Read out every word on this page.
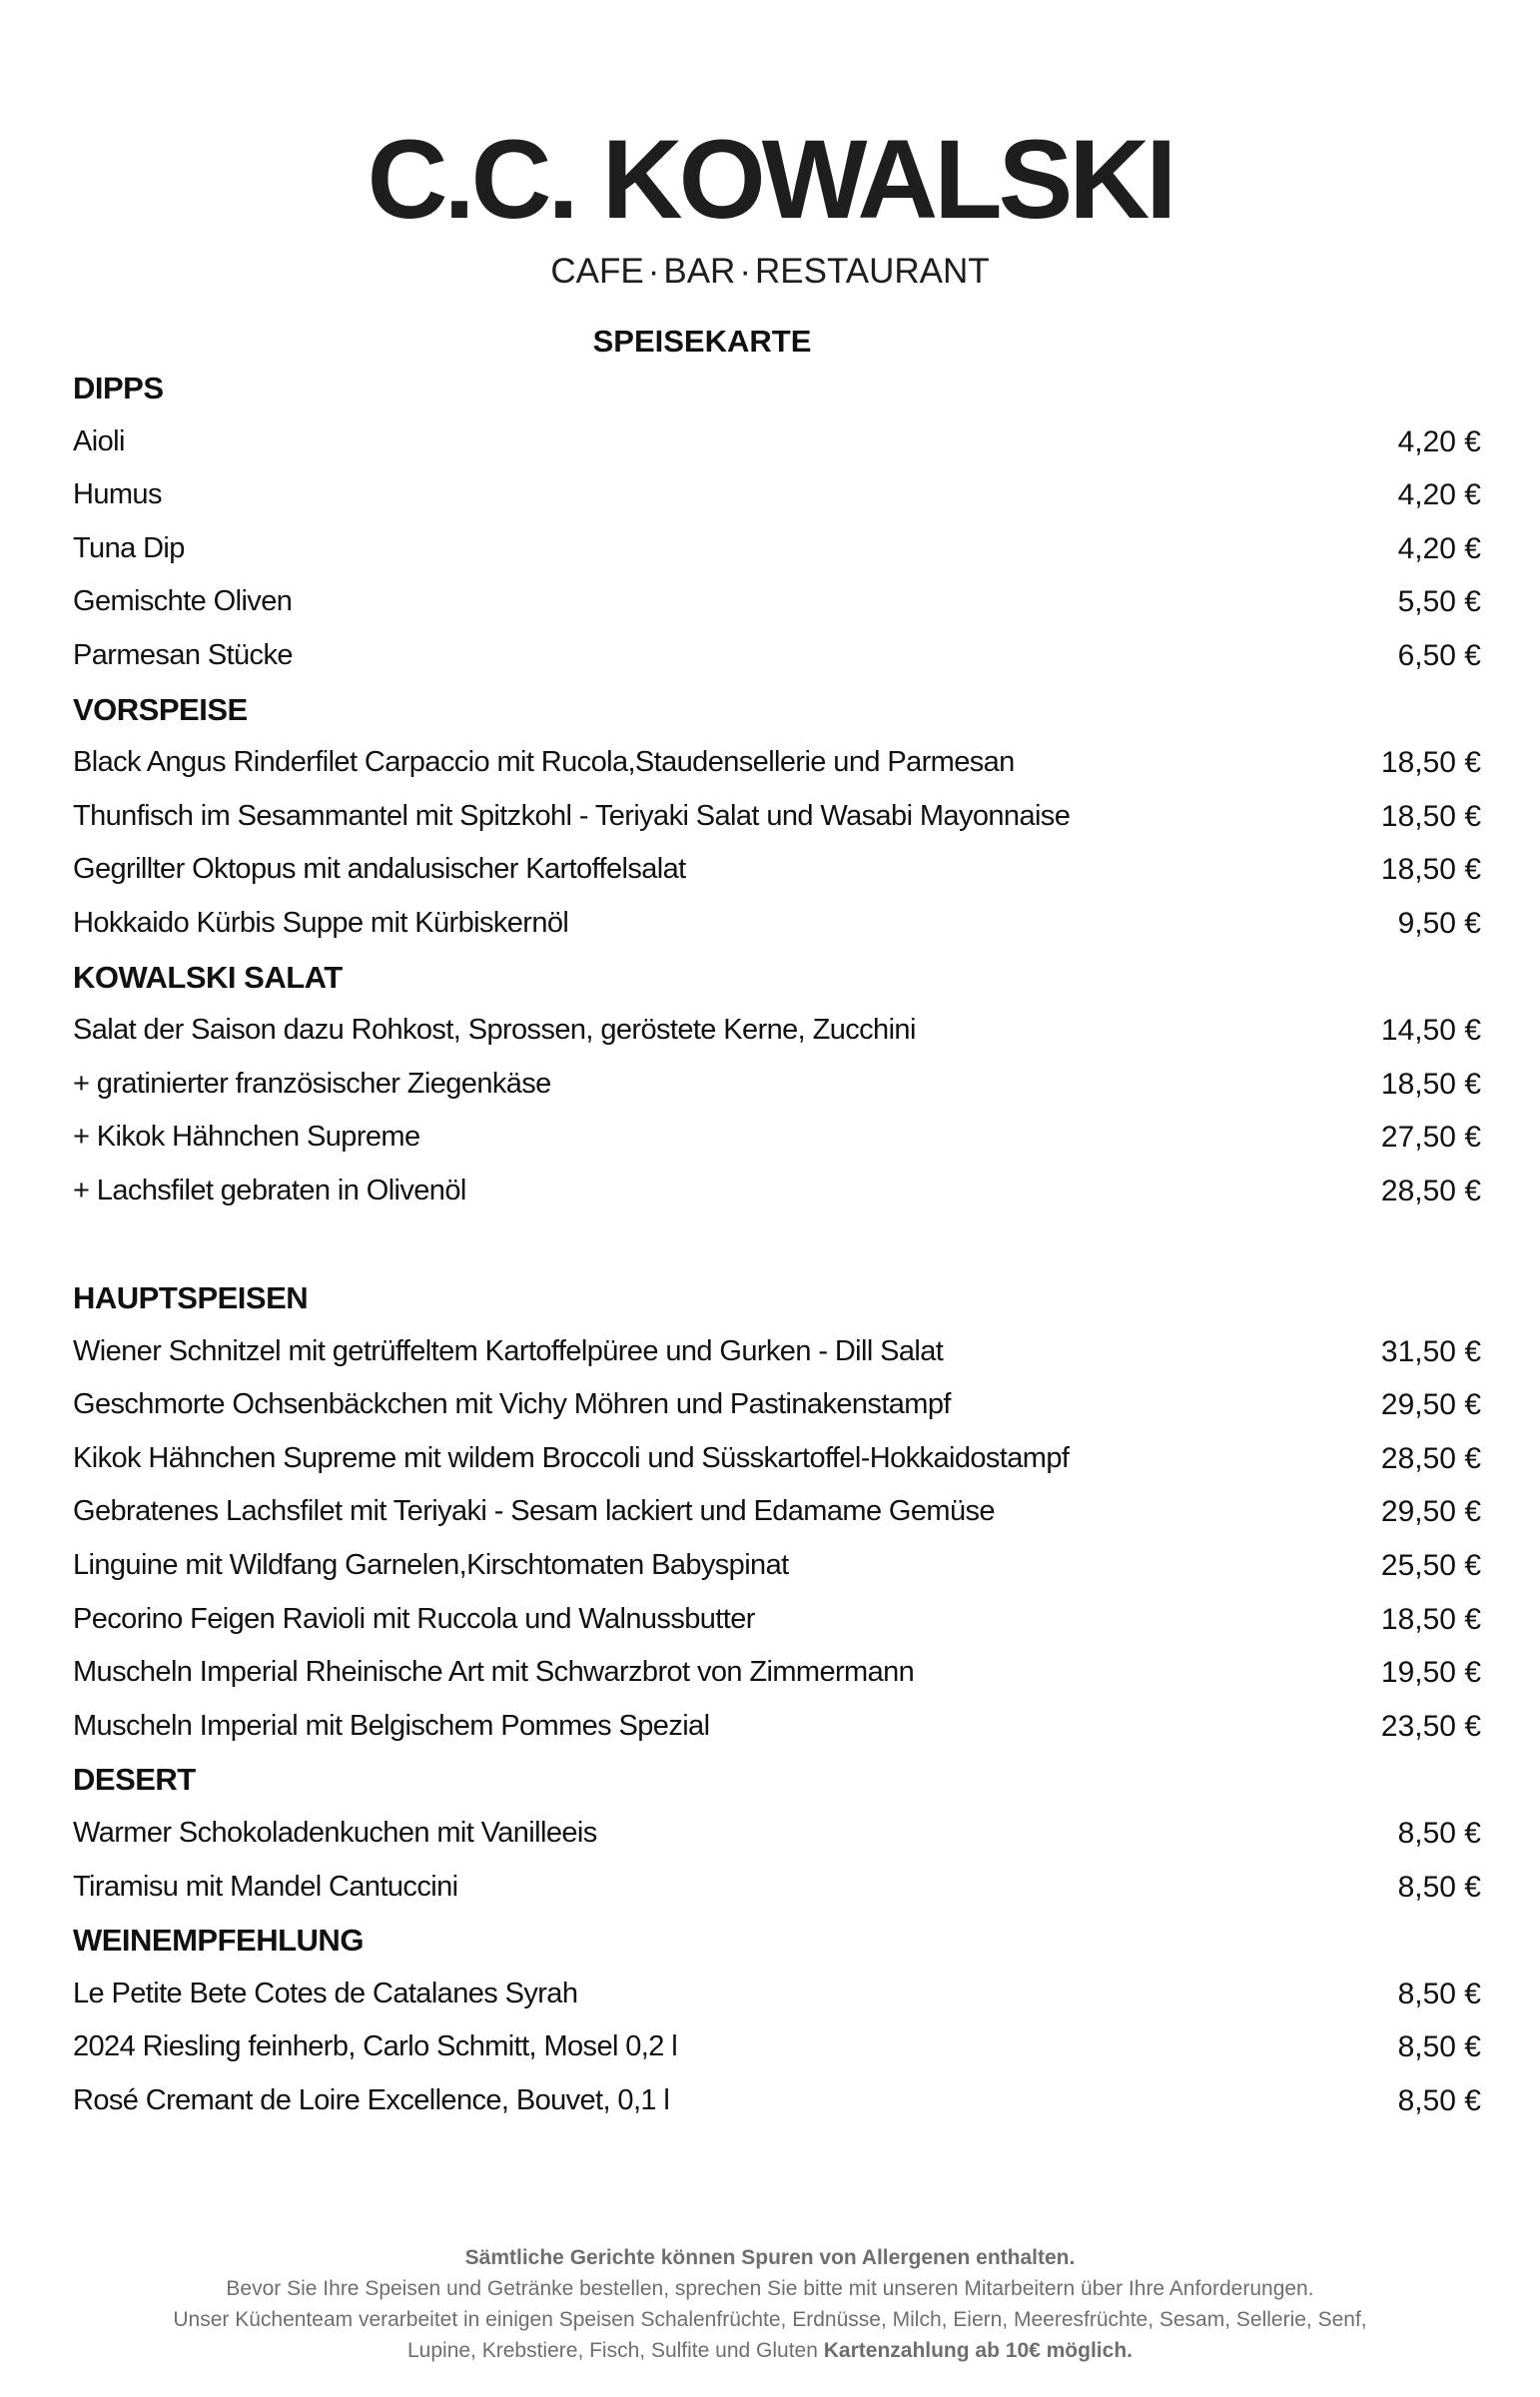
C.C. KOWALSKI
CAFE · BAR · RESTAURANT
SPEISEKARTE
DIPPS
Aioli	4,20 €
Humus	4,20 €
Tuna Dip	4,20 €
Gemischte Oliven	5,50 €
Parmesan Stücke	6,50 €
VORSPEISE
Black Angus Rinderfilet Carpaccio mit Rucola,Staudensellerie und Parmesan	18,50 €
Thunfisch im Sesammantel mit Spitzkohl - Teriyaki Salat und Wasabi Mayonnaise	18,50 €
Gegrillter Oktopus mit andalusischer Kartoffelsalat	18,50 €
Hokkaido Kürbis Suppe mit Kürbiskernöl	9,50 €
KOWALSKI SALAT
Salat der Saison dazu Rohkost, Sprossen, geröstete Kerne, Zucchini	14,50 €
+ gratinierter französischer Ziegenkäse	18,50 €
+ Kikok Hähnchen Supreme	27,50 €
+ Lachsfilet gebraten in Olivenöl	28,50 €
HAUPTSPEISEN
Wiener Schnitzel mit getrüffeltem Kartoffelpüree und Gurken - Dill Salat	31,50 €
Geschmorte Ochsenbäckchen mit Vichy Möhren und Pastinakenstampf	29,50 €
Kikok Hähnchen Supreme mit wildem Broccoli und Süsskartoffel-Hokkaidostampf	28,50 €
Gebratenes Lachsfilet mit Teriyaki - Sesam lackiert und Edamame Gemüse	29,50 €
Linguine mit Wildfang Garnelen,Kirschtomaten Babyspinat	25,50 €
Pecorino Feigen Ravioli mit Ruccola und Walnussbutter	18,50 €
Muscheln Imperial Rheinische Art mit Schwarzbrot von Zimmermann	19,50 €
Muscheln Imperial mit Belgischem Pommes Spezial	23,50 €
DESERT
Warmer Schokoladenkuchen mit Vanilleeis	8,50 €
Tiramisu mit Mandel Cantuccini	8,50 €
WEINEMPFEHLUNG
Le Petite Bete Cotes de Catalanes Syrah	8,50 €
2024 Riesling feinherb, Carlo Schmitt, Mosel 0,2 l	8,50 €
Rosé Cremant de Loire Excellence, Bouvet, 0,1 l	8,50 €
Sämtliche Gerichte können Spuren von Allergenen enthalten.
Bevor Sie Ihre Speisen und Getränke bestellen, sprechen Sie bitte mit unseren Mitarbeitern über Ihre Anforderungen.
Unser Küchenteam verarbeitet in einigen Speisen Schalenfrüchte, Erdnüsse, Milch, Eiern, Meeresfrüchte, Sesam, Sellerie, Senf,
Lupine, Krebstiere, Fisch, Sulfite und Gluten Kartenzahlung ab 10€ möglich.
